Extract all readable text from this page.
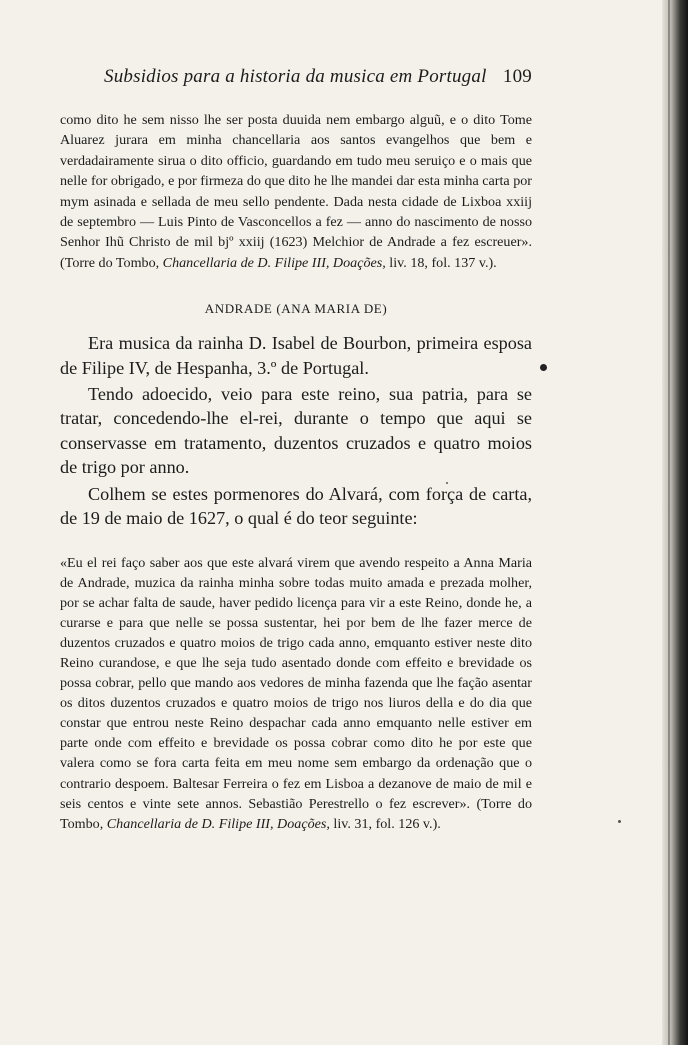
Subsidios para a historia da musica em Portugal 109

como dito he sem nisso lhe ser posta duuida nem embargo alguũ, e o dito Tome Aluarez jurara em minha chancellaria aos santos evangelhos que bem e verdadairamente sirua o dito officio, guardando em tudo meu seruiço e o mais que nelle for obrigado, e por firmeza do que dito he lhe mandei dar esta minha carta por mym asinada e sellada de meu sello pendente. Dada nesta cidade de Lixboa xxiij de septembro — Luis Pinto de Vasconcellos a fez — anno do nascimento de nosso Senhor Ihũ Christo de mil bjº xxiij (1623) Melchior de Andrade a fez escreuer». (Torre do Tombo, Chancellaria de D. Filipe III, Doações, liv. 18, fol. 137 v.).

ANDRADE (ANA MARIA DE)

Era musica da rainha D. Isabel de Bourbon, primeira esposa de Filipe IV, de Hespanha, 3.º de Portugal.

Tendo adoecido, veio para este reino, sua patria, para se tratar, concedendo-lhe el-rei, durante o tempo que aqui se conservasse em tratamento, duzentos cruzados e quatro moios de trigo por anno.

Colhem se estes pormenores do Alvará, com força de carta, de 19 de maio de 1627, o qual é do teor seguinte:

«Eu el rei faço saber aos que este alvará virem que avendo respeito a Anna Maria de Andrade, muzica da rainha minha sobre todas muito amada e prezada molher, por se achar falta de saude, haver pedido licença para vir a este Reino, donde he, a curarse e para que nelle se possa sustentar, hei por bem de lhe fazer merce de duzentos cruzados e quatro moios de trigo cada anno, emquanto estiver neste dito Reino curandose, e que lhe seja tudo asentado donde com effeito e brevidade os possa cobrar, pello que mando aos vedores de minha fazenda que lhe fação asentar os ditos duzentos cruzados e quatro moios de trigo nos liuros della e do dia que constar que entrou neste Reino despachar cada anno emquanto nelle estiver em parte onde com effeito e brevidade os possa cobrar como dito he por este que valera como se fora carta feita em meu nome sem embargo da ordenação que o contrario despoem. Baltesar Ferreira o fez em Lisboa a dezanove de maio de mil e seis centos e vinte sete annos. Sebastião Perestrello o fez escrever». (Torre do Tombo, Chancellaria de D. Filipe III, Doações, liv. 31, fol. 126 v.).
